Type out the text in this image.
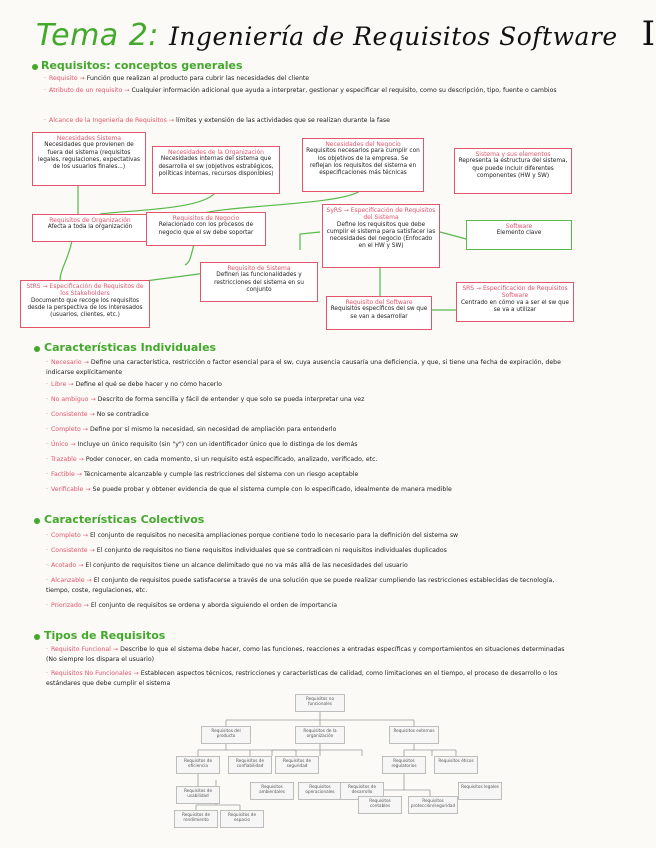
Tema 2: Ingeniería de Requisitos Software I
Requisitos: conceptos generales
· Requisito → Función que realizan al producto para cubrir las necesidades del cliente
· Atributo de un requisito → Cualquier información adicional que ayuda a interpretar, gestionar y especificar el requisito, como su descripción, tipo, fuente o cambios
· Alcance de la Ingeniería de Requisitos → límites y extensión de las actividades que se realizan durante la fase
Necesidades Sistema
Necesidades que provienen de fuera del sistema (requisitos legales, regulaciones, expectativas de los usuarios finales...)
Necesidades de la Organización
Necesidades internas del sistema que desarrolla el sw (objetivos estratégicos, políticas internas, recursos disponibles)
Necesidades del Negocio
Requisitos necesarios para cumplir con los objetivos de la empresa. Se reflejan los requisitos del sistema en especificaciones más técnicas
Sistema y sus elementos
Representa la estructura del sistema, que puede incluir diferentes componentes (HW y SW)
Requisitos de Organización
Afecta a toda la organización
Requisitos de Negocio
Relacionado con los procesos de negocio que el sw debe soportar
SyRS → Especificación de Requisitos del Sistema
Define los requisitos que debe cumplir el sistema para satisfacer las necesidades del negocio (Enfocado en el HW y SW)
Software
Elemento clave
StRS → Especificación de Requisitos de los Stakeholders
Documento que recoge los requisitos desde la perspectiva de los interesados (usuarios, clientes, etc.)
Requisito de Sistema
Definen las funcionalidades y restricciones del sistema en su conjunto
Requisito del Software
Requisitos específicos del sw que se van a desarrollar
SRS → Especificación de Requisitos Software
Centrado en cómo va a ser el sw que se va a utilizar
Características Individuales
· Necesario → Define una característica, restricción o factor esencial para el sw, cuya ausencia causaría una deficiencia, y que, si tiene una fecha de expiración, debe indicarse explícitamente
· Libre → Define el qué se debe hacer y no cómo hacerlo
· No ambiguo → Descrito de forma sencilla y fácil de entender y que solo se pueda interpretar una vez
· Consistente → No se contradice
· Completo → Define por sí mismo la necesidad, sin necesidad de ampliación para entenderlo
· Único → Incluye un único requisito (sin "y") con un identificador único que lo distinga de los demás
· Trazable → Poder conocer, en cada momento, si un requisito está especificado, analizado, verificado, etc.
· Factible → Técnicamente alcanzable y cumple las restricciones del sistema con un riesgo aceptable
· Verificable → Se puede probar y obtener evidencia de que el sistema cumple con lo especificado, idealmente de manera medible
Características Colectivos
· Completo → El conjunto de requisitos no necesita ampliaciones porque contiene todo lo necesario para la definición del sistema sw
· Consistente → El conjunto de requisitos no tiene requisitos individuales que se contradicen ni requisitos individuales duplicados
· Acotado → El conjunto de requisitos tiene un alcance delimitado que no va más allá de las necesidades del usuario
· Alcanzable → El conjunto de requisitos puede satisfacerse a través de una solución que se puede realizar cumpliendo las restricciones establecidas de tecnología, tiempo, coste, regulaciones, etc.
· Priorizado → El conjunto de requisitos se ordena y aborda siguiendo el orden de importancia
Tipos de Requisitos
· Requisito Funcional → Describe lo que el sistema debe hacer, como las funciones, reacciones a entradas específicas y comportamientos en situaciones determinadas (No siempre los dispara el usuario)
· Requisitos No Funcionales → Establecen aspectos técnicos, restricciones y características de calidad, como limitaciones en el tiempo, el proceso de desarrollo o los estándares que debe cumplir el sistema
Requisitos no funcionales
Requisitos del producto
Requisitos de la organización
Requisitos externos
Requisitos de eficiencia
Requisitos de confiabilidad
Requisitos de seguridad
Requisitos ambientales
Requisitos operacionales
Requisitos de desarrollo
Requisitos regulatorios
Requisitos éticos
Requisitos de usabilidad
Requisitos de rendimiento
Requisitos de espacio
Requisitos contables
Requisitos protección/seguridad
Requisitos legales
